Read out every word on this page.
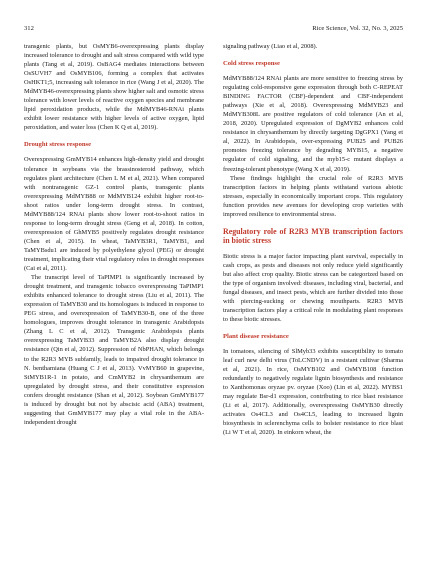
312	Rice Science, Vol. 32, No. 3, 2025

transgenic plants, but OsMYB6-overexpressing plants display increased tolerance to drought and salt stress compared with wild type plants (Tang et al, 2019). OsBAG4 mediates interactions between OsSUVH7 and OsMYB106, forming a complex that activates OsHKT1;5, increasing salt tolerance in rice (Wang J et al, 2020). The MdMYB46-overexpressing plants show higher salt and osmotic stress tolerance with lower levels of reactive oxygen species and membrane lipid peroxidation products, while the MdMYB46-RNAi plants exhibit lower resistance with higher levels of active oxygen, lipid peroxidation, and water loss (Chen K Q et al, 2019).

Drought stress response

Overexpressing GmMYB14 enhances high-density yield and drought tolerance in soybeans via the brassinosteroid pathway, which regulates plant architecture (Chen L M et al, 2021). When compared with nontransgenic GZ-1 control plants, transgenic plants overexpressing MdMYB88 or MdMYB124 exhibit higher root-to-shoot ratios under long-term drought stress. In contrast, MdMYB88/124 RNAi plants show lower root-to-shoot ratios in response to long-term drought stress (Geng et al, 2018). In cotton, overexpression of GhMYB5 positively regulates drought resistance (Chen et al, 2015). In wheat, TaMYB3R1, TaMYB1, and TaMYBsdu1 are induced by polyethylene glycol (PEG) or drought treatment, implicating their vital regulatory roles in drought responses (Cai et al, 2011).

The transcript level of TaPIMP1 is significantly increased by drought treatment, and transgenic tobacco overexpressing TaPIMP1 exhibits enhanced tolerance to drought stress (Liu et al, 2011). The expression of TaMYB30 and its homologues is induced in response to PEG stress, and overexpression of TaMYB30-B, one of the three homologues, improves drought tolerance in transgenic Arabidopsis (Zhang L C et al, 2012). Transgenic Arabidopsis plants overexpressing TaMYB33 and TaMYB2A also display drought resistance (Qin et al, 2012). Suppression of NbPHAN, which belongs to the R2R3 MYB subfamily, leads to impaired drought tolerance in N. benthamiana (Huang C J et al, 2013). VvMYB60 in grapevine, StMYB1R-1 in potato, and CmMYB2 in chrysanthemum are upregulated by drought stress, and their constitutive expression confers drought resistance (Shan et al, 2012). Soybean GmMYB177 is induced by drought but not by abscisic acid (ABA) treatment, suggesting that GmMYB177 may play a vital role in the ABA-independent drought

signaling pathway (Liao et al, 2008).

Cold stress response

MdMYB88/124 RNAi plants are more sensitive to freezing stress by regulating cold-responsive gene expression through both C-REPEAT BINDING FACTOR (CBF)-dependent and CBF-independent pathways (Xie et al, 2018). Overexpressing MdMYB23 and MdMYB308L are positive regulators of cold tolerance (An et al, 2018, 2020). Upregulated expression of DgMYB2 enhances cold resistance in chrysanthemum by directly targeting DgGPX1 (Yang et al, 2022). In Arabidopsis, over-expressing PUB25 and PUB26 promotes freezing tolerance by degrading MYB15, a negative regulator of cold signaling, and the myb15-c mutant displays a freezing-tolerant phenotype (Wang X et al, 2019).

These findings highlight the crucial role of R2R3 MYB transcription factors in helping plants withstand various abiotic stresses, especially in economically important crops. This regulatory function provides new avenues for developing crop varieties with improved resilience to environmental stress.

Regulatory role of R2R3 MYB transcription factors in biotic stress

Biotic stress is a major factor impacting plant survival, especially in cash crops, as pests and diseases not only reduce yield significantly but also affect crop quality. Biotic stress can be categorized based on the type of organism involved: diseases, including viral, bacterial, and fungal diseases, and insect pests, which are further divided into those with piercing-sucking or chewing mouthparts. R2R3 MYB transcription factors play a critical role in modulating plant responses to these biotic stresses.

Plant disease resistance

In tomatoes, silencing of SlMyb33 exhibits susceptibility to tomato leaf curl new delhi virus (ToLCNDV) in a resistant cultivar (Sharma et al, 2021). In rice, OsMYB102 and OsMYB108 function redundantly to negatively regulate lignin biosynthesis and resistance to Xanthomonas oryzae pv. oryzae (Xoo) (Lin et al, 2022). MYBS1 may regulate Bsr-d1 expression, contributing to rice blast resistance (Li et al, 2017). Additionally, overexpressing OsMYB30 directly activates Os4CL3 and Os4CL5, leading to increased lignin biosynthesis in sclerenchyma cells to bolster resistance to rice blast (Li W T et al, 2020). In einkorn wheat, the
